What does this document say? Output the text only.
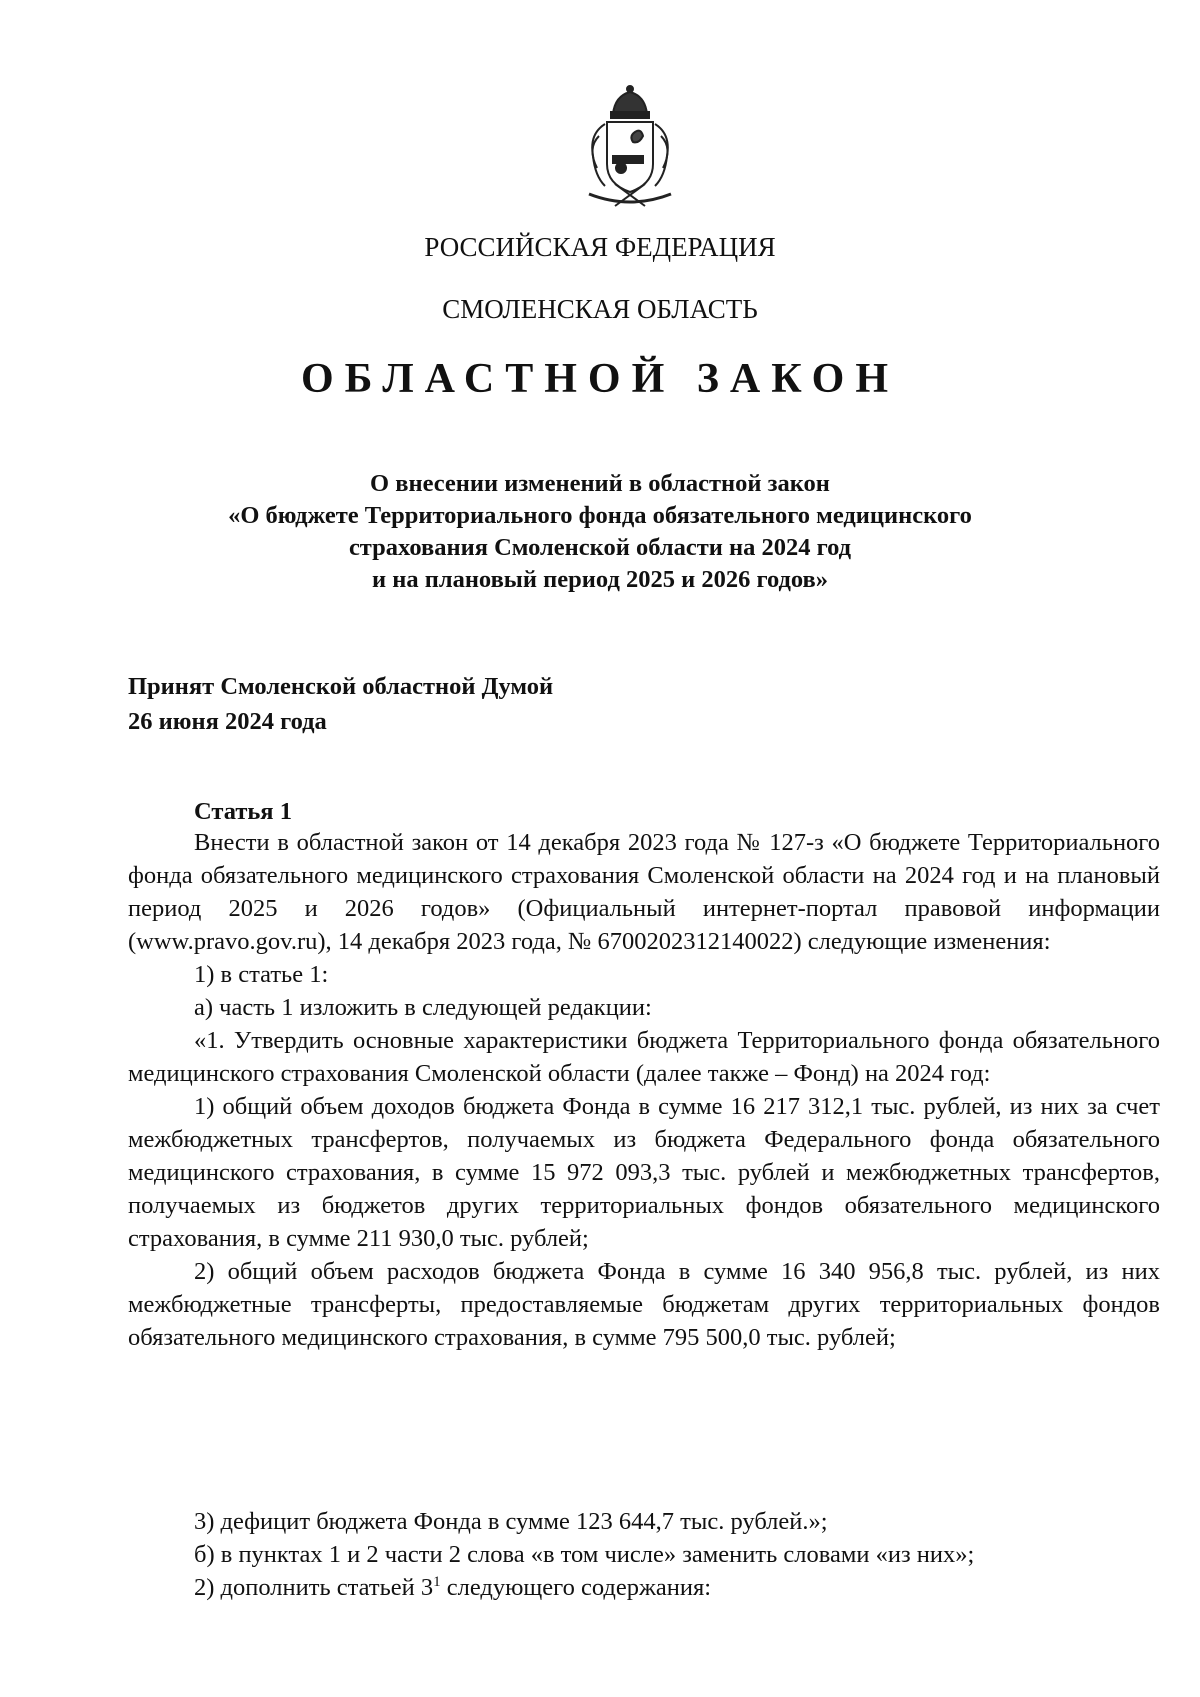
РОССИЙСКАЯ ФЕДЕРАЦИЯ
СМОЛЕНСКАЯ ОБЛАСТЬ
ОБЛАСТНОЙ ЗАКОН
О внесении изменений в областной закон
«О бюджете Территориального фонда обязательного медицинского
страхования Смоленской области на 2024 год
и на плановый период 2025 и 2026 годов»
Принят Смоленской областной Думой
26 июня 2024 года
Статья 1

Внести в областной закон от 14 декабря 2023 года № 127-з «О бюджете Территориального фонда обязательного медицинского страхования Смоленской области на 2024 год и на плановый период 2025 и 2026 годов» (Официальный интернет-портал правовой информации (www.pravo.gov.ru), 14 декабря 2023 года, № 6700202312140022) следующие изменения:

1) в статье 1:

а) часть 1 изложить в следующей редакции:

«1. Утвердить основные характеристики бюджета Территориального фонда обязательного медицинского страхования Смоленской области (далее также – Фонд) на 2024 год:

1) общий объем доходов бюджета Фонда в сумме 16 217 312,1 тыс. рублей, из них за счет межбюджетных трансфертов, получаемых из бюджета Федерального фонда обязательного медицинского страхования, в сумме 15 972 093,3 тыс. рублей и межбюджетных трансфертов, получаемых из бюджетов других территориальных фондов обязательного медицинского страхования, в сумме 211 930,0 тыс. рублей;

2) общий объем расходов бюджета Фонда в сумме 16 340 956,8 тыс. рублей, из них межбюджетные трансферты, предоставляемые бюджетам других территориальных фондов обязательного медицинского страхования, в сумме 795 500,0 тыс. рублей;

3) дефицит бюджета Фонда в сумме 123 644,7 тыс. рублей.»;

б) в пунктах 1 и 2 части 2 слова «в том числе» заменить словами «из них»;

2) дополнить статьей $3^1$ следующего содержания:
